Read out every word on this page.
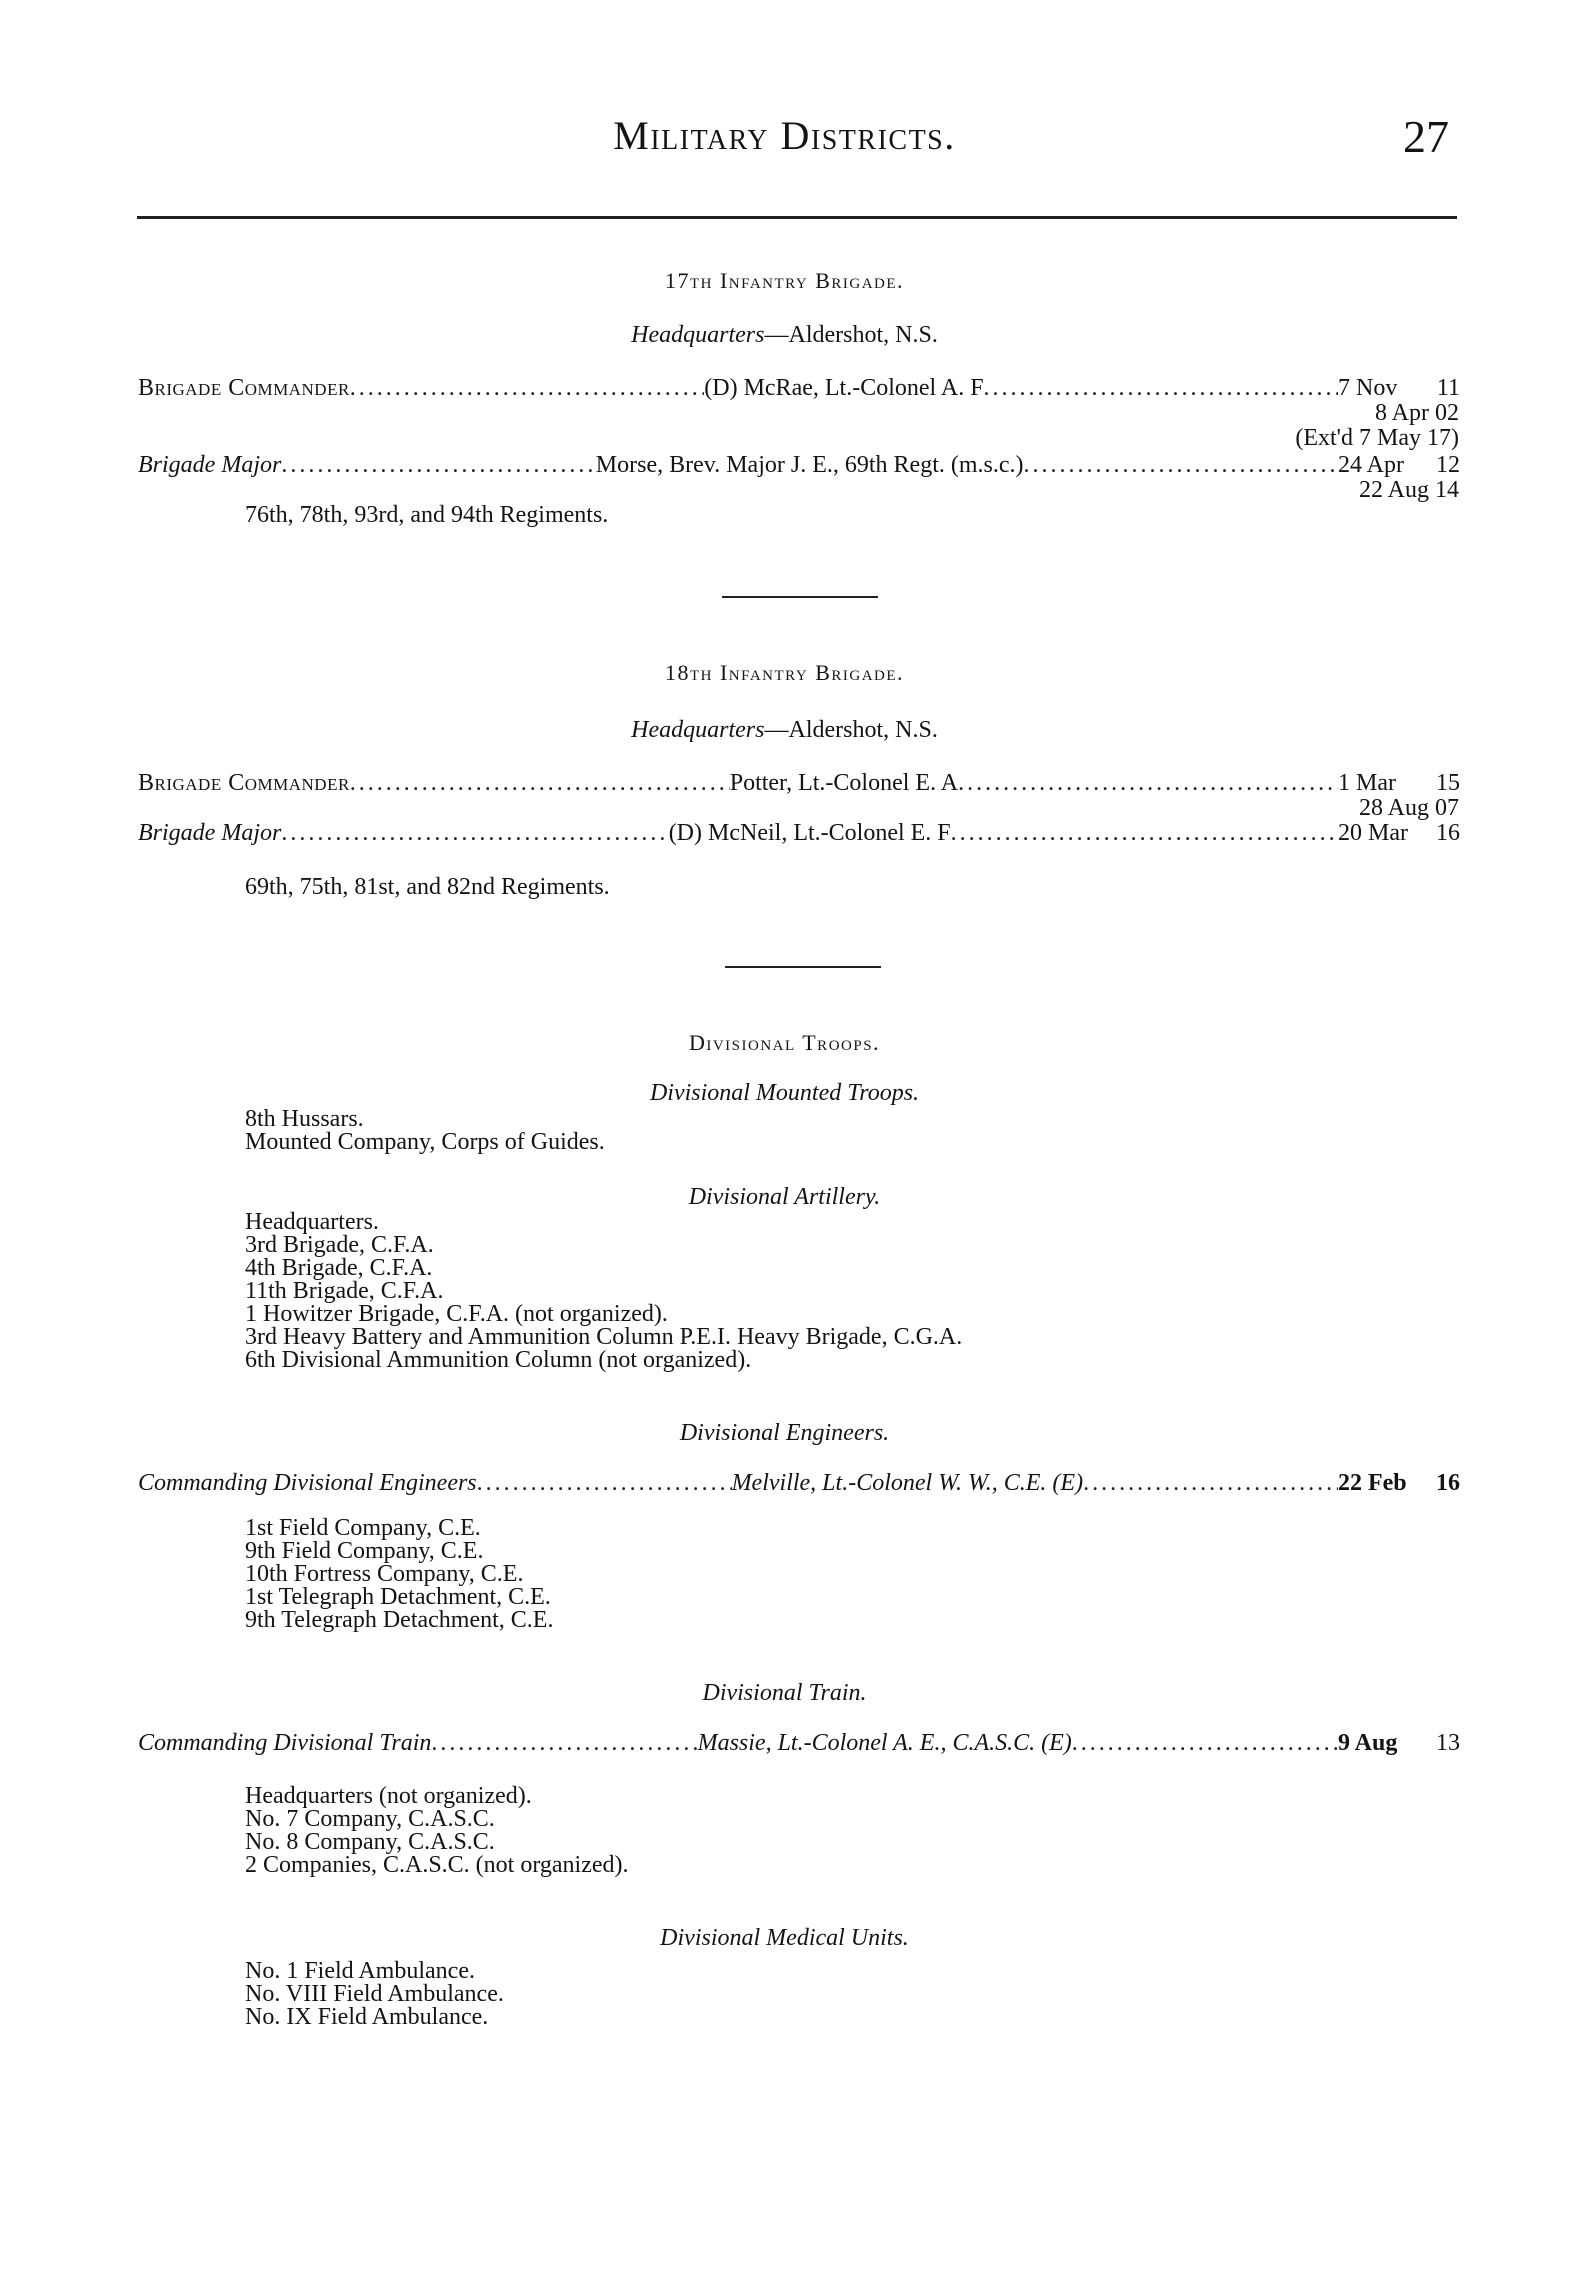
Military Districts.	27
17th Infantry Brigade.
Headquarters—Aldershot, N.S.
Brigade Commander .....	(D) McRae, Lt.-Colonel A. F .....	7 Nov	11
8 Apr 02
(Ext'd 7 May 17)
Brigade Major .....	Morse, Brev. Major J. E., 69th Regt. (m.s.c.) .....	24 Apr	12
22 Aug 14
76th, 78th, 93rd, and 94th Regiments.
18th Infantry Brigade.
Headquarters—Aldershot, N.S.
Brigade Commander .....	Potter, Lt.-Colonel E. A .....	1 Mar	15
28 Aug 07
Brigade Major .....	(D) McNeil, Lt.-Colonel E. F .....	20 Mar	16
69th, 75th, 81st, and 82nd Regiments.
Divisional Troops.
Divisional Mounted Troops.
8th Hussars.
Mounted Company, Corps of Guides.
Divisional Artillery.
Headquarters.
3rd Brigade, C.F.A.
4th Brigade, C.F.A.
11th Brigade, C.F.A.
1 Howitzer Brigade, C.F.A. (not organized).
3rd Heavy Battery and Ammunition Column P.E.I. Heavy Brigade, C.G.A.
6th Divisional Ammunition Column (not organized).
Divisional Engineers.
Commanding Divisional Engineers .....	Melville, Lt.-Colonel W. W., C.E. (E) .....	22 Feb	16
1st Field Company, C.E.
9th Field Company, C.E.
10th Fortress Company, C.E.
1st Telegraph Detachment, C.E.
9th Telegraph Detachment, C.E.
Divisional Train.
Commanding Divisional Train .....	Massie, Lt.-Colonel A. E., C.A.S.C. (E) .....	9 Aug	13
Headquarters (not organized).
No. 7 Company, C.A.S.C.
No. 8 Company, C.A.S.C.
2 Companies, C.A.S.C. (not organized).
Divisional Medical Units.
No. 1 Field Ambulance.
No. VIII Field Ambulance.
No. IX Field Ambulance.
